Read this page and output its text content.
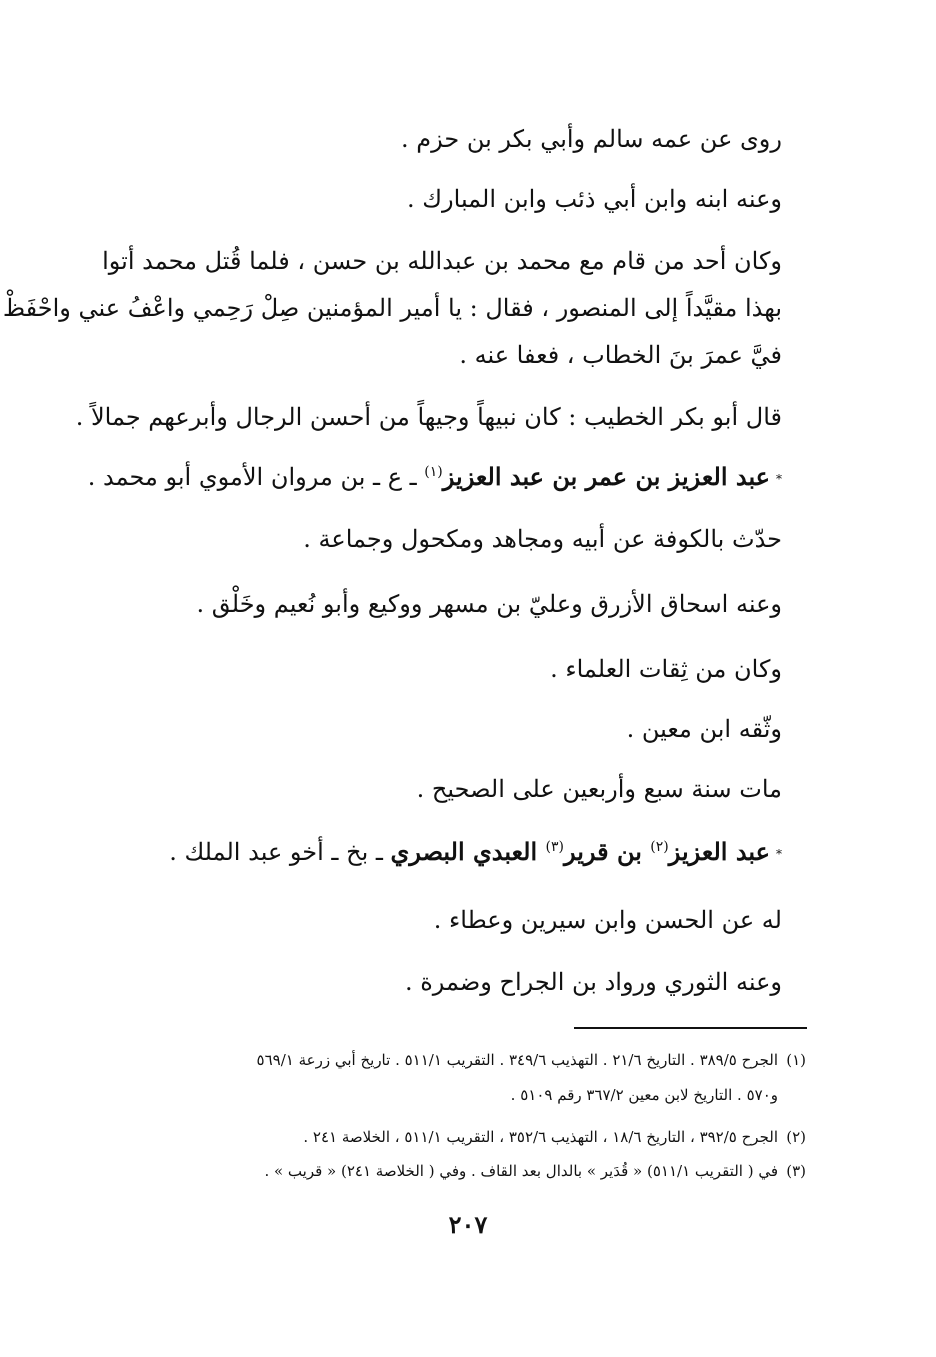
روى عن عمه سالم وأبي بكر بن حزم .
وعنه ابنه وابن أبي ذئب وابن المبارك .
وكان أحد من قام مع محمد بن عبدالله بن حسن ، فلما قُتل محمد أتوا
بهذا مقيَّداً إلى المنصور ، فقال : يا أمير المؤمنين صِلْ رَحِمي واعْفُ عني واحْفَظْ
فيَّ عمرَ بنَ الخطاب ، فعفا عنه .
قال أبو بكر الخطيب : كان نبيهاً وجيهاً من أحسن الرجال وأبرعهم جمالاً .
*عبد العزيز بن عمر بن عبد العزيز$^{(١)}$ ـ ع ـ بن مروان الأموي أبو محمد .
حدّث بالكوفة عن أبيه ومجاهد ومكحول وجماعة .
وعنه اسحاق الأزرق وعليّ بن مسهر ووكيع وأبو نُعيم وخَلْق .
وكان من ثِقات العلماء .
وثّقه ابن معين .
مات سنة سبع وأربعين على الصحيح .
*عبد العزيز$^{(٢)}$ بن قرير$^{(٣)}$ العبدي البصري ـ بخ ـ أخو عبد الملك .
له عن الحسن وابن سيرين وعطاء .
وعنه الثوري ورواد بن الجراح وضمرة .
(١)الجرح ٣٨٩/٥ . التاريخ ٢١/٦ . التهذيب ٣٤٩/٦ . التقريب ٥١١/١ . تاريخ أبي زرعة ٥٦٩/١
و٥٧٠ . التاريخ لابن معين ٣٦٧/٢ رقم ٥١٠٩ .
(٢)الجرح ٣٩٢/٥ ، التاريخ ١٨/٦ ، التهذيب ٣٥٢/٦ ، التقريب ٥١١/١ ، الخلاصة ٢٤١ .
(٣)في ( التقريب ٥١١/١) « قُدَير » بالدال بعد القاف . وفي ( الخلاصة ٢٤١) « قريب » .
٢٠٧
